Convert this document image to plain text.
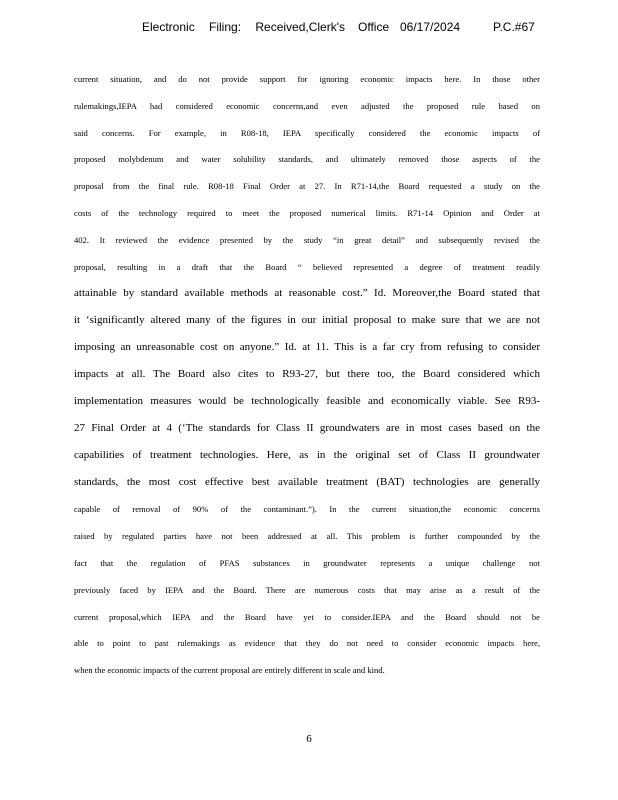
Electronic Filing: Received,Clerk's Office 06/17/2024	P.C.#67
current situation, and do not provide support for ignoring economic impacts here. In those other
rulemakings,IEPA had considered economic concerns,and even adjusted the proposed rule based on
said concerns. For example, in R08-18, IEPA specifically considered the economic impacts of
proposed molybdenum and water solubility standards, and ultimately removed those aspects of the
proposal from the final rule. R08-18 Final Order at 27. In R71-14,the Board requested a study on the
costs of the technology required to meet the proposed numerical limits. R71-14 Opinion and Order at
402. It reviewed the evidence presented by the study “in great detail” and subsequently revised the
proposal, resulting in a draft that the Board “ believed represented a degree of treatment readily
attainable by standard available methods at reasonable cost.” Id. Moreover,the Board stated that
it ‘significantly altered many of the figures in our initial proposal to make sure that we are not
imposing an unreasonable cost on anyone.” Id. at 11. This is a far cry from refusing to consider
impacts at all. The Board also cites to R93-27, but there too, the Board considered which
implementation measures would be technologically feasible and economically viable. See R93-
27 Final Order at 4 (‘The standards for Class II groundwaters are in most cases based on the
capabilities of treatment technologies. Here, as in the original set of Class II groundwater
standards, the most cost effective best available treatment (BAT) technologies are generally
capable of removal of 90% of the contaminant.”). In the current situation,the economic concerns
raised by regulated parties have not been addressed at all. This problem is further compounded by the
fact that the regulation of PFAS substances in groundwater represents a unique challenge not
previously faced by IEPA and the Board. There are numerous costs that may arise as a result of the
current proposal,which IEPA and the Board have yet to consider.IEPA and the Board should not be
able to point to past rulemakings as evidence that they do not need to consider economic impacts here,
when the economic impacts of the current proposal are entirely different in scale and kind.
6
